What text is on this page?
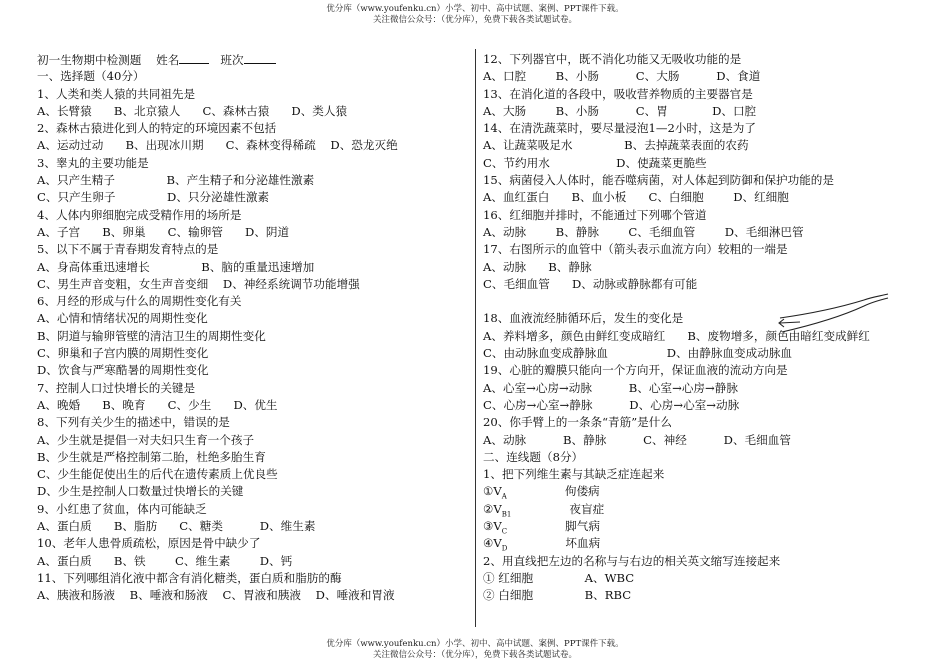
优分库（www.youfenku.cn）小学、初中、高中试题、案例、PPT课件下载。
关注微信公众号：（优分库），免费下载各类试题试卷。
初一生物期中检测题 姓名	班次
一、选择题（40分）
1、人类和类人猿的共同祖先是
A、长臂猿      B、北京猿人      C、森林古猿      D、类人猿
2、森林古猿进化到人的特定的环境因素不包括
A、运动过动      B、出现冰川期      C、森林变得稀疏    D、恐龙灭绝
3、睾丸的主要功能是
A、只产生精子              B、产生精子和分泌雄性激素
C、只产生卵子              D、只分泌雄性激素
4、人体内卵细胞完成受精作用的场所是
A、子宫      B、卵巢      C、输卵管      D、阴道
5、以下不属于青春期发育特点的是
A、身高体重迅速增长              B、脑的重量迅速增加
C、男生声音变粗，女生声音变细    D、神经系统调节功能增强
6、月经的形成与什么的周期性变化有关
A、心情和情绪状况的周期性变化
B、阴道与输卵管壁的清洁卫生的周期性变化
C、卵巢和子宫内膜的周期性变化
D、饮食与严寒酷暑的周期性变化
7、控制人口过快增长的关键是
A、晚婚      B、晚育      C、少生      D、优生
8、下列有关少生的描述中，错误的是
A、少生就是提倡一对夫妇只生育一个孩子
B、少生就是严格控制第二胎，杜绝多胎生育
C、少生能促使出生的后代在遗传素质上优良些
D、少生是控制人口数量过快增长的关键
9、小红患了贫血，体内可能缺乏
A、蛋白质      B、脂肪      C、糖类          D、维生素
10、老年人患骨质疏松，原因是骨中缺少了
A、蛋白质      B、铁        C、维生素        D、钙
11、下列哪组消化液中都含有消化糖类，蛋白质和脂肪的酶
A、胰液和肠液    B、唾液和肠液    C、胃液和胰液    D、唾液和胃液
12、下列器官中，既不消化功能又无吸收功能的是
A、口腔        B、小肠          C、大肠          D、食道
13、在消化道的各段中，吸收营养物质的主要器官是
A、大肠        B、小肠          C、胃            D、口腔
14、在清洗蔬菜时，要尽量浸泡1—2小时，这是为了
A、让蔬菜吸足水              B、去掉蔬菜表面的农药
C、节约用水                  D、使蔬菜更脆些
15、病菌侵入人体时，能吞噬病菌，对人体起到防御和保护功能的是
A、血红蛋白      B、血小板      C、白细胞        D、红细胞
16、红细胞并排时，不能通过下列哪个管道
A、动脉        B、静脉        C、毛细血管        D、毛细淋巴管
17、右图所示的血管中（箭头表示血流方向）较粗的一端是
A、动脉      B、静脉
C、毛细血管      D、动脉或静脉都有可能
18、血液流经肺循环后，发生的变化是
A、养料增多，颜色由鲜红变成暗红      B、废物增多，颜色由暗红变成鲜红
C、由动脉血变成静脉血                D、由静脉血变成动脉血
19、心脏的瓣膜只能向一个方向开，保证血液的流动方向是
A、心室→心房→动脉          B、心室→心房→静脉
C、心房→心室→静脉          D、心房→心室→动脉
20、你手臂上的一条条“青筋”是什么
A、动脉          B、静脉          C、神经          D、毛细血管
二、连线题（8分）
1、把下列维生素与其缺乏症连起来
$①V_A$	佝偻病
$②V_{B1}$	夜盲症
$③V_C$	脚气病
$④V_D$	坏血病
2、用直线把左边的名称与与右边的相关英文缩写连接起来
① 红细胞              A、WBC
② 白细胞              B、RBC
优分库（www.youfenku.cn）小学、初中、高中试题、案例、PPT课件下载。
关注微信公众号：（优分库），免费下载各类试题试卷。
